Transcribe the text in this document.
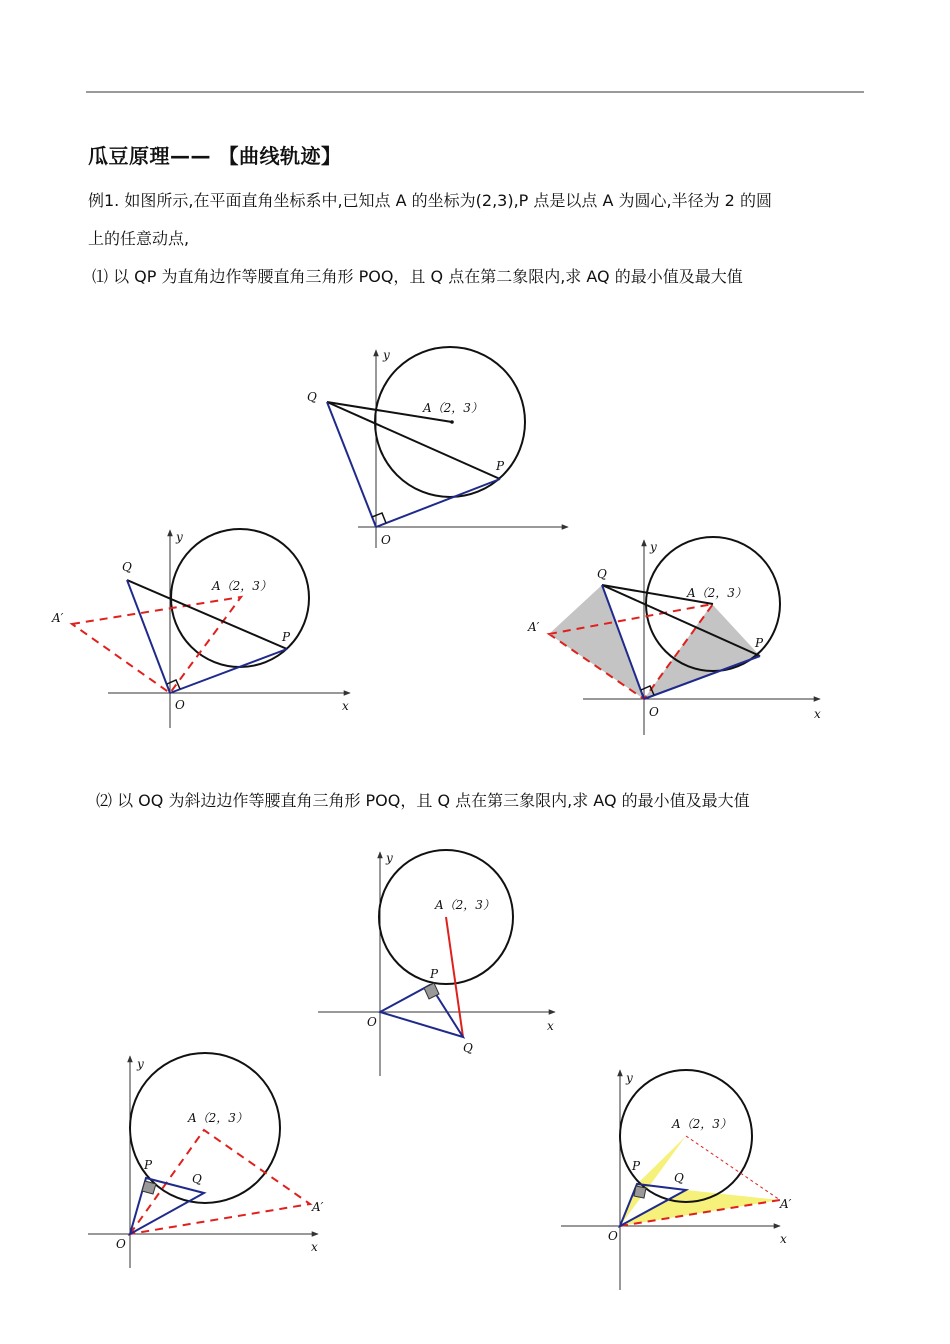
瓜豆原理—— 【曲线轨迹】
例1. 如图所示,在平面直角坐标系中,已知点 A 的坐标为(2,3),P 点是以点 A 为圆心,半径为 2 的圆
上的任意动点,
⑴ 以 QP 为直角边作等腰直角三角形 POQ，且 Q 点在第二象限内,求 AQ 的最小值及最大值
⑵ 以 OQ 为斜边边作等腰直角三角形 POQ，且 Q 点在第三象限内,求 AQ 的最小值及最大值
y
Q
A（2，3）
P
O
y
Q
A（2，3）
A′
P
O	x
y
Q
A（2，3）
A′
P
O	x
y
A（2，3）
P
O	x
Q
y
A（2，3）
P
Q
A′
O	x
y
A（2，3）
P
Q
A′
O	x
